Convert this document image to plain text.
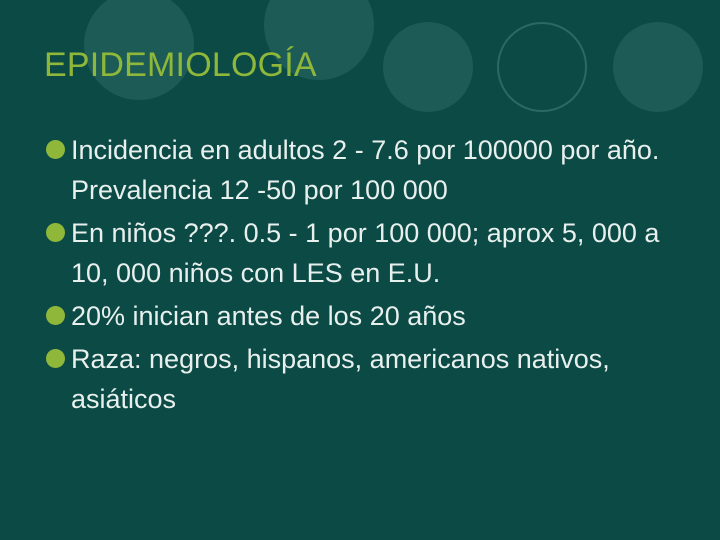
EPIDEMIOLOGÍA
Incidencia en adultos 2 - 7.6 por 100000 por año. Prevalencia 12 -50 por 100 000
En niños ???. 0.5 - 1 por 100 000; aprox 5, 000 a 10, 000 niños con LES en E.U.
20% inician antes de los 20 años
Raza: negros, hispanos, americanos nativos, asiáticos
